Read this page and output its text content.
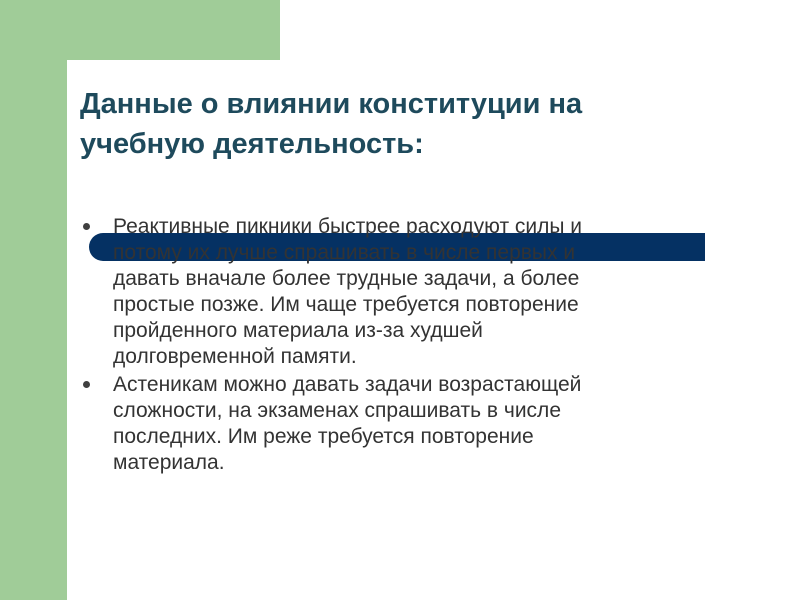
Данные о влиянии конституции на
учебную деятельность:
Реактивные пикники быстрее расходуют силы и
потому их лучше спрашивать в числе первых и
давать вначале более трудные задачи, а более
простые позже. Им чаще требуется повторение
пройденного материала из-за худшей
долговременной памяти.
Астеникам можно давать задачи возрастающей
сложности, на экзаменах спрашивать в числе
последних. Им реже требуется повторение
материала.
